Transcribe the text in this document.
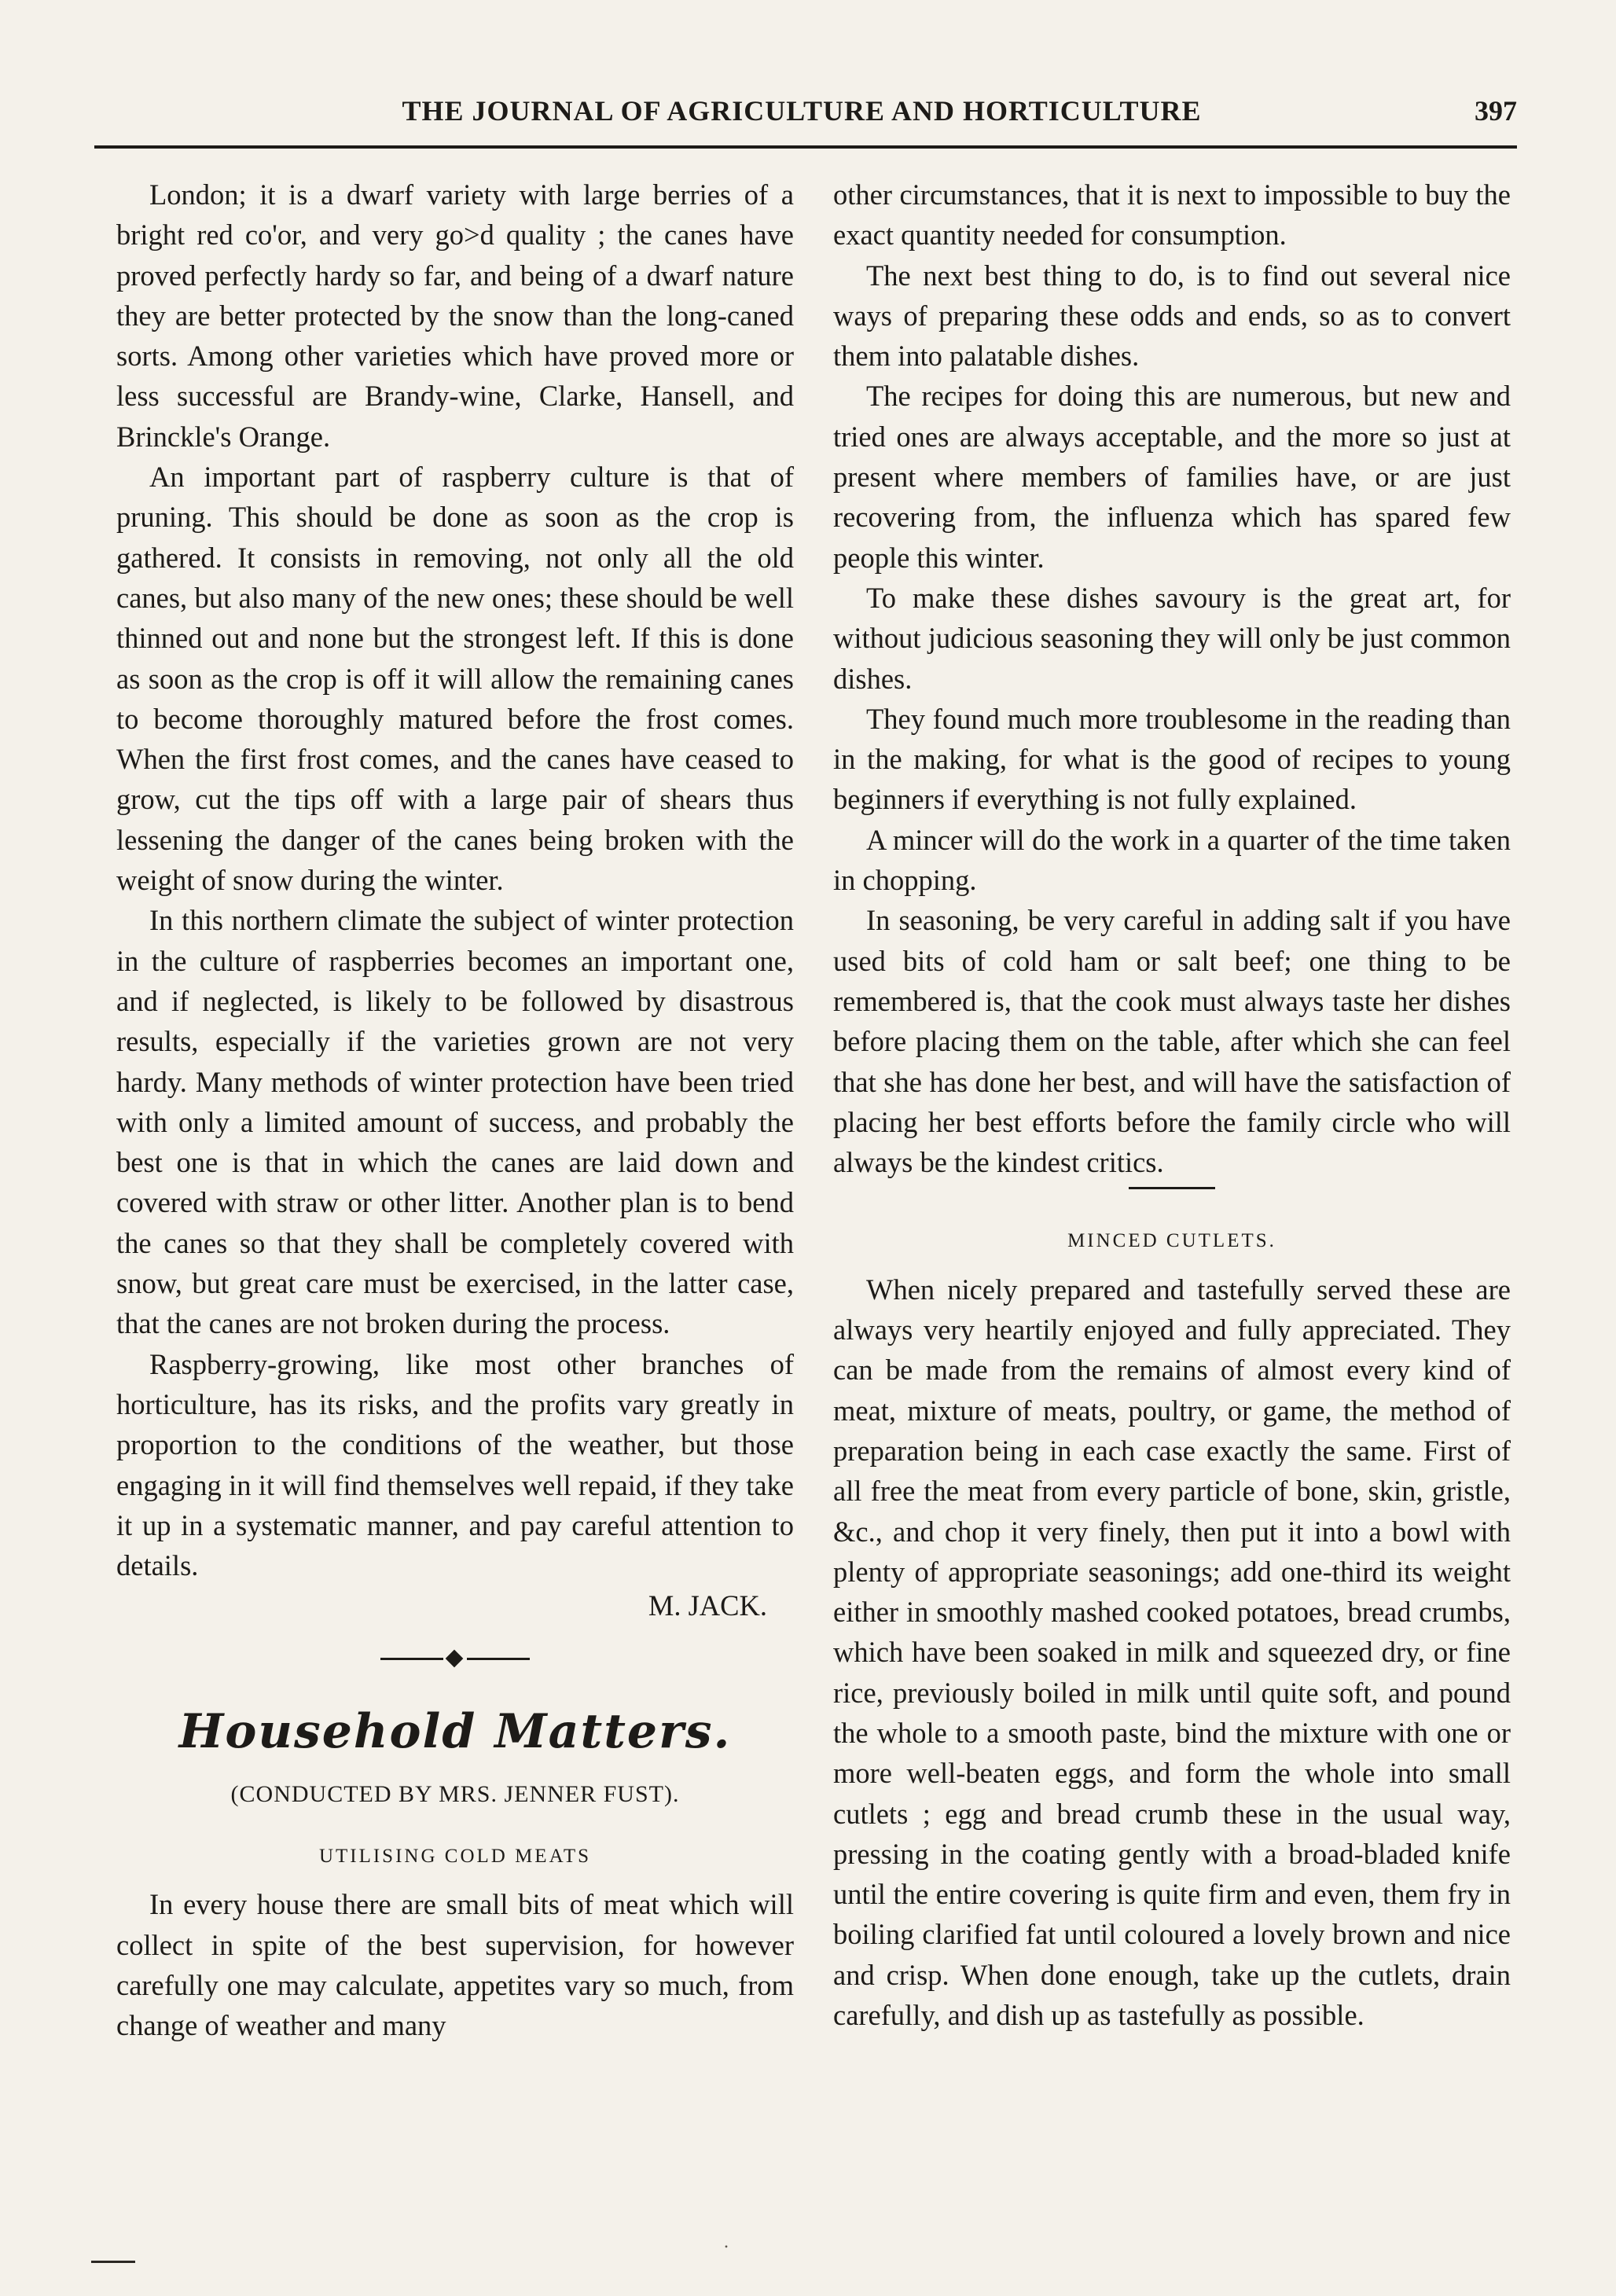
THE JOURNAL OF AGRICULTURE AND HORTICULTURE	397

London; it is a dwarf variety with large berries of a bright red co'or, and very go>d quality ; the canes have proved perfectly hardy so far, and being of a dwarf nature they are better protected by the snow than the long-caned sorts. Among other varieties which have proved more or less successful are Brandy-wine, Clarke, Hansell, and Brinckle's Orange.

An important part of raspberry culture is that of pruning. This should be done as soon as the crop is gathered. It consists in removing, not only all the old canes, but also many of the new ones; these should be well thinned out and none but the strongest left. If this is done as soon as the crop is off it will allow the remaining canes to become thoroughly matured before the frost comes. When the first frost comes, and the canes have ceased to grow, cut the tips off with a large pair of shears thus lessening the danger of the canes being broken with the weight of snow during the winter.

In this northern climate the subject of winter protection in the culture of raspberries becomes an important one, and if neglected, is likely to be followed by disastrous results, especially if the varieties grown are not very hardy. Many methods of winter protection have been tried with only a limited amount of success, and probably the best one is that in which the canes are laid down and covered with straw or other litter. Another plan is to bend the canes so that they shall be completely covered with snow, but great care must be exercised, in the latter case, that the canes are not broken during the process.

Raspberry-growing, like most other branches of horticulture, has its risks, and the profits vary greatly in proportion to the conditions of the weather, but those engaging in it will find themselves well repaid, if they take it up in a systematic manner, and pay careful attention to details.

M. JACK.

Household Matters.
(CONDUCTED BY MRS. JENNER FUST).
UTILISING COLD MEATS

In every house there are small bits of meat which will collect in spite of the best supervision, for however carefully one may calculate, appetites vary so much, from change of weather and many

other circumstances, that it is next to impossible to buy the exact quantity needed for consumption.

The next best thing to do, is to find out several nice ways of preparing these odds and ends, so as to convert them into palatable dishes.

The recipes for doing this are numerous, but new and tried ones are always acceptable, and the more so just at present where members of families have, or are just recovering from, the influenza which has spared few people this winter.

To make these dishes savoury is the great art, for without judicious seasoning they will only be just common dishes.

They found much more troublesome in the reading than in the making, for what is the good of recipes to young beginners if everything is not fully explained.

A mincer will do the work in a quarter of the time taken in chopping.

In seasoning, be very careful in adding salt if you have used bits of cold ham or salt beef; one thing to be remembered is, that the cook must always taste her dishes before placing them on the table, after which she can feel that she has done her best, and will have the satisfaction of placing her best efforts before the family circle who will always be the kindest critics.

MINCED CUTLETS.

When nicely prepared and tastefully served these are always very heartily enjoyed and fully appreciated. They can be made from the remains of almost every kind of meat, mixture of meats, poultry, or game, the method of preparation being in each case exactly the same. First of all free the meat from every particle of bone, skin, gristle, &c., and chop it very finely, then put it into a bowl with plenty of appropriate seasonings; add one-third its weight either in smoothly mashed cooked potatoes, bread crumbs, which have been soaked in milk and squeezed dry, or fine rice, previously boiled in milk until quite soft, and pound the whole to a smooth paste, bind the mixture with one or more well-beaten eggs, and form the whole into small cutlets ; egg and bread crumb these in the usual way, pressing in the coating gently with a broad-bladed knife until the entire covering is quite firm and even, them fry in boiling clarified fat until coloured a lovely brown and nice and crisp. When done enough, take up the cutlets, drain carefully, and dish up as tastefully as possible.

·
